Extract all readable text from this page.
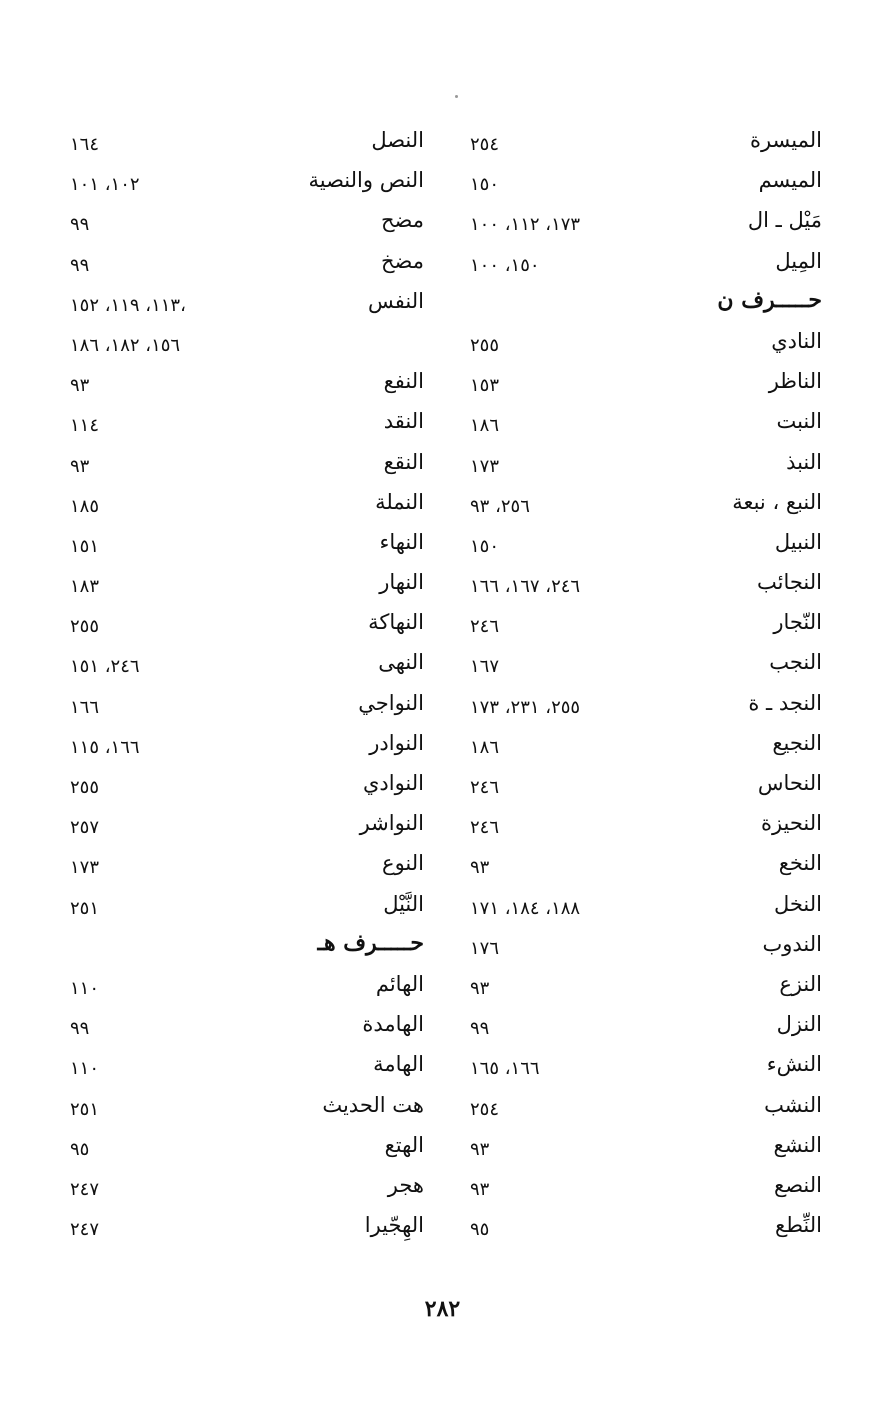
الميسرة
٢٥٤
الميسم
١٥٠
مَيْل ـ ال
١٧٣، ١١٢، ١٠٠
المِيل
١٥٠، ١٠٠
حـــــرف ن
النادي
٢٥٥
الناظر
١٥٣
النبت
١٨٦
النبذ
١٧٣
النبع ، نبعة
٢٥٦، ٩٣
النبيل
١٥٠
النجائب
٢٤٦، ١٦٧، ١٦٦
النّجار
٢٤٦
النجب
١٦٧
النجد ـ ة
٢٥٥، ٢٣١، ١٧٣
النجيع
١٨٦
النحاس
٢٤٦
النحيزة
٢٤٦
النخع
٩٣
النخل
١٨٨، ١٨٤، ١٧١
الندوب
١٧٦
النزع
٩٣
النزل
٩٩
النشء
١٦٦، ١٦٥
النشب
٢٥٤
النشع
٩٣
النصع
٩٣
النِّطع
٩٥
النصل
١٦٤
النص والنصية
١٠٢، ١٠١
مضح
٩٩
مضخ
٩٩
النفس
١١٣، ١١٩، ١٥٢،
١٥٦، ١٨٢، ١٨٦
النفع
٩٣
النقد
١١٤
النقع
٩٣
النملة
١٨٥
النهاء
١٥١
النهار
١٨٣
النهاكة
٢٥٥
النهى
٢٤٦، ١٥١
النواجي
١٦٦
النوادر
١٦٦، ١١٥
النوادي
٢٥٥
النواشر
٢٥٧
النوع
١٧٣
النَّيْل
٢٥١
حـــــرف هـ
الهائم
١١٠
الهامدة
٩٩
الهامة
١١٠
هت الحديث
٢٥١
الهتع
٩٥
هجر
٢٤٧
الهِجّيرا
٢٤٧
٢٨٢
